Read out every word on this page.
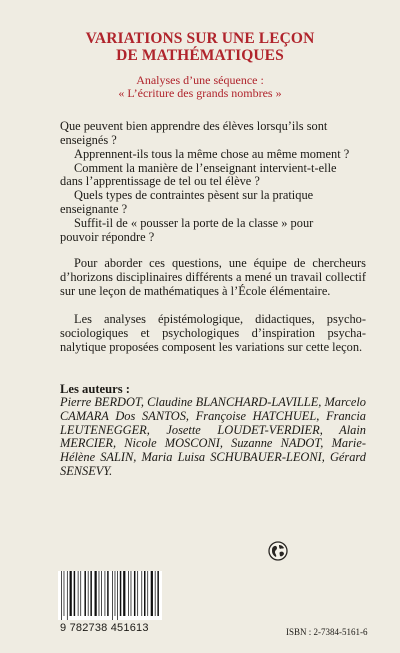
VARIATIONS SUR UNE LEÇON
DE MATHÉMATIQUES
Analyses d’une séquence :
« L’écriture des grands nombres »
Que peuvent bien apprendre des élèves lorsqu’ils sont
enseignés ?
Apprennent-ils tous la même chose au même moment ?
Comment la manière de l’enseignant intervient-t-elle
dans l’apprentissage de tel ou tel élève ?
Quels types de contraintes pèsent sur la pratique
enseignante ?
Suffit-il de « pousser la porte de la classe » pour
pouvoir répondre ?
Pour aborder ces questions, une équipe de chercheurs d’horizons disciplinaires différents a mené un travail collectif sur une leçon de mathématiques à l’École élémentaire.
Les analyses épistémologique, didactiques, psycho-sociologiques et psychologiques d’inspiration psycha-nalytique proposées composent les variations sur cette leçon.
Les auteurs :
Pierre BERDOT, Claudine BLANCHARD-LAVILLE, Marcelo CAMARA Dos SANTOS, Françoise HATCHUEL, Francia LEUTENEGGER, Josette LOUDET-VERDIER, Alain MERCIER, Nicole MOSCONI, Suzanne NADOT, Marie-Hélène SALIN, Maria Luisa SCHUBAUER-LEONI, Gérard SENSEVY.
9 782738 451613	ISBN : 2-7384-5161-6
